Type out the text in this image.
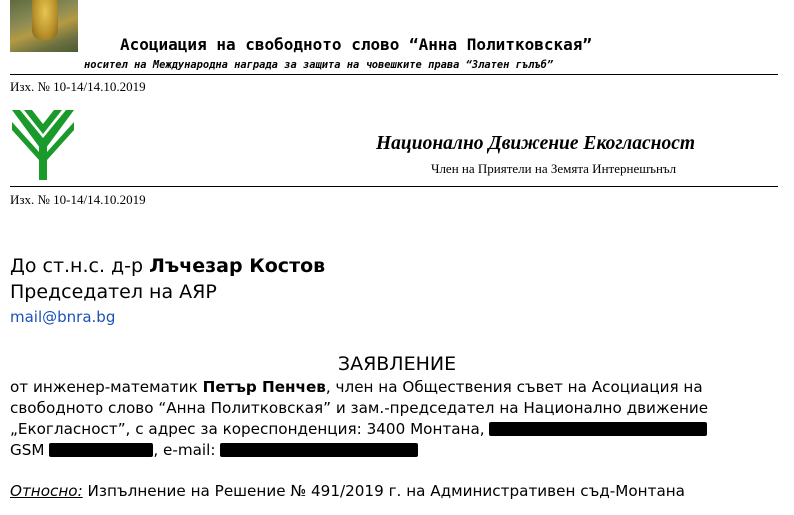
Асоциация на свободното слово “Анна Политковская”
носител на Международна награда за защита на човешките права “Златен гълъб”
Изх. № 10-14/14.10.2019
Национално Движение Екогласност
Член на Приятели на Земята Интернешънъл
Изх. № 10-14/14.10.2019
До ст.н.с. д-р Лъчезар Костов
Председател на АЯР
mail@bnra.bg
ЗАЯВЛЕНИЕ
от инженер-математик Петър Пенчев, член на Обществения съвет на Асоциация на
свободното слово “Анна Политковская” и зам.-председател на Национално движение
„Екогласност”, с адрес за кореспонденция: 3400 Монтана,
GSM	, e-mail:
Относно: Изпълнение на Решение № 491/2019 г. на Административен съд-Монтана
